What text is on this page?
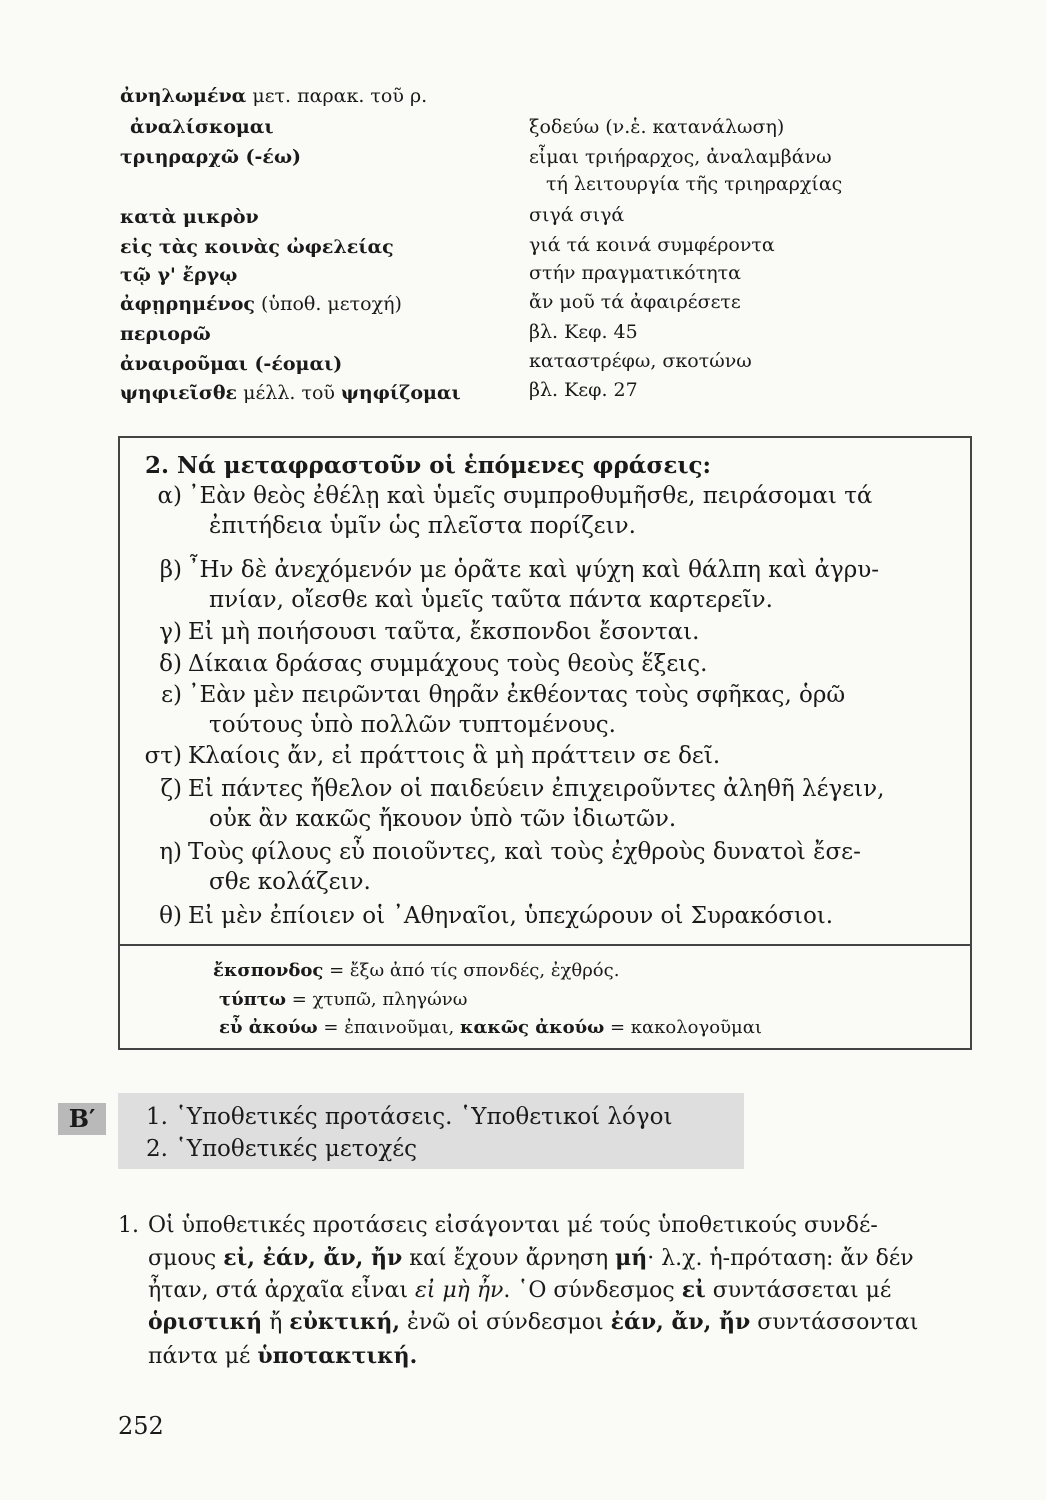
ἀνηλωμένα μετ. παρακ. τοῦ ρ.
ἀναλίσκομαι	ξοδεύω (ν.ἑ. κατανάλωση)
τριηραρχῶ (-έω)	εἶμαι τριήραρχος, ἀναλαμβάνω
τή λειτουργία τῆς τριηραρχίας
κατὰ μικρὸν	σιγά σιγά
εἰς τὰς κοινὰς ὠφελείας	γιά τά κοινά συμφέροντα
τῷ γ' ἔργῳ	στήν πραγματικότητα
ἀφῃρημένος (ὑποθ. μετοχή)	ἄν μοῦ τά ἀφαιρέσετε
περιορῶ	βλ. Κεφ. 45
ἀναιροῦμαι (-έομαι)	καταστρέφω, σκοτώνω
ψηφιεῖσθε μέλλ. τοῦ ψηφίζομαι	βλ. Κεφ. 27
2. Νά μεταφραστοῦν οἱ ἑπόμενες φράσεις:
α) ᾿Εὰν θεὸς ἐθέλῃ καὶ ὑμεῖς συμπροθυμῆσθε, πειράσομαι τά
ἐπιτήδεια ὑμῖν ὡς πλεῖστα πορίζειν.
β) ῏Ην δὲ ἀνεχόμενόν με ὁρᾶτε καὶ ψύχη καὶ θάλπη καὶ ἀγρυ-
πνίαν, οἴεσθε καὶ ὑμεῖς ταῦτα πάντα καρτερεῖν.
γ) Εἰ μὴ ποιήσουσι ταῦτα, ἔκσπονδοι ἔσονται.
δ) Δίκαια δράσας συμμάχους τοὺς θεοὺς ἕξεις.
ε) ᾿Εὰν μὲν πειρῶνται θηρᾶν ἐκθέοντας τοὺς σφῆκας, ὁρῶ
τούτους ὑπὸ πολλῶν τυπτομένους.
στ) Κλαίοις ἄν, εἰ πράττοις ἃ μὴ πράττειν σε δεῖ.
ζ) Εἰ πάντες ἤθελον οἱ παιδεύειν ἐπιχειροῦντες ἀληθῆ λέγειν,
οὐκ ἂν κακῶς ἤκουον ὑπὸ τῶν ἰδιωτῶν.
η) Τοὺς φίλους εὖ ποιοῦντες, καὶ τοὺς ἐχθροὺς δυνατοὶ ἔσε-
σθε κολάζειν.
θ) Εἰ μὲν ἐπίοιεν οἱ ᾿Αθηναῖοι, ὑπεχώρουν οἱ Συρακόσιοι.
ἔκσπονδος = ἔξω ἀπό τίς σπονδές, ἐχθρός.
τύπτω = χτυπῶ, πληγώνω
εὖ ἀκούω = ἐπαινοῦμαι, κακῶς ἀκούω = κακολογοῦμαι
B′	1. ῾Υποθετικές προτάσεις. ῾Υποθετικοί λόγοι
2. ῾Υποθετικές μετοχές
1. Οἱ ὑποθετικές προτάσεις εἰσάγονται μέ τούς ὑποθετικούς συνδέ-
σμους εἰ, ἐάν, ἄν, ἤν καί ἔχουν ἄρνηση μή· λ.χ. ἡ-πρόταση: ἄν δέν
ἦταν, στά ἀρχαῖα εἶναι εἰ μὴ ἦν. ῾Ο σύνδεσμος εἰ συντάσσεται μέ
ὁριστική ἤ εὐκτική, ἐνῶ οἱ σύνδεσμοι ἐάν, ἄν, ἤν συντάσσονται
πάντα μέ ὑποτακτική.
252
